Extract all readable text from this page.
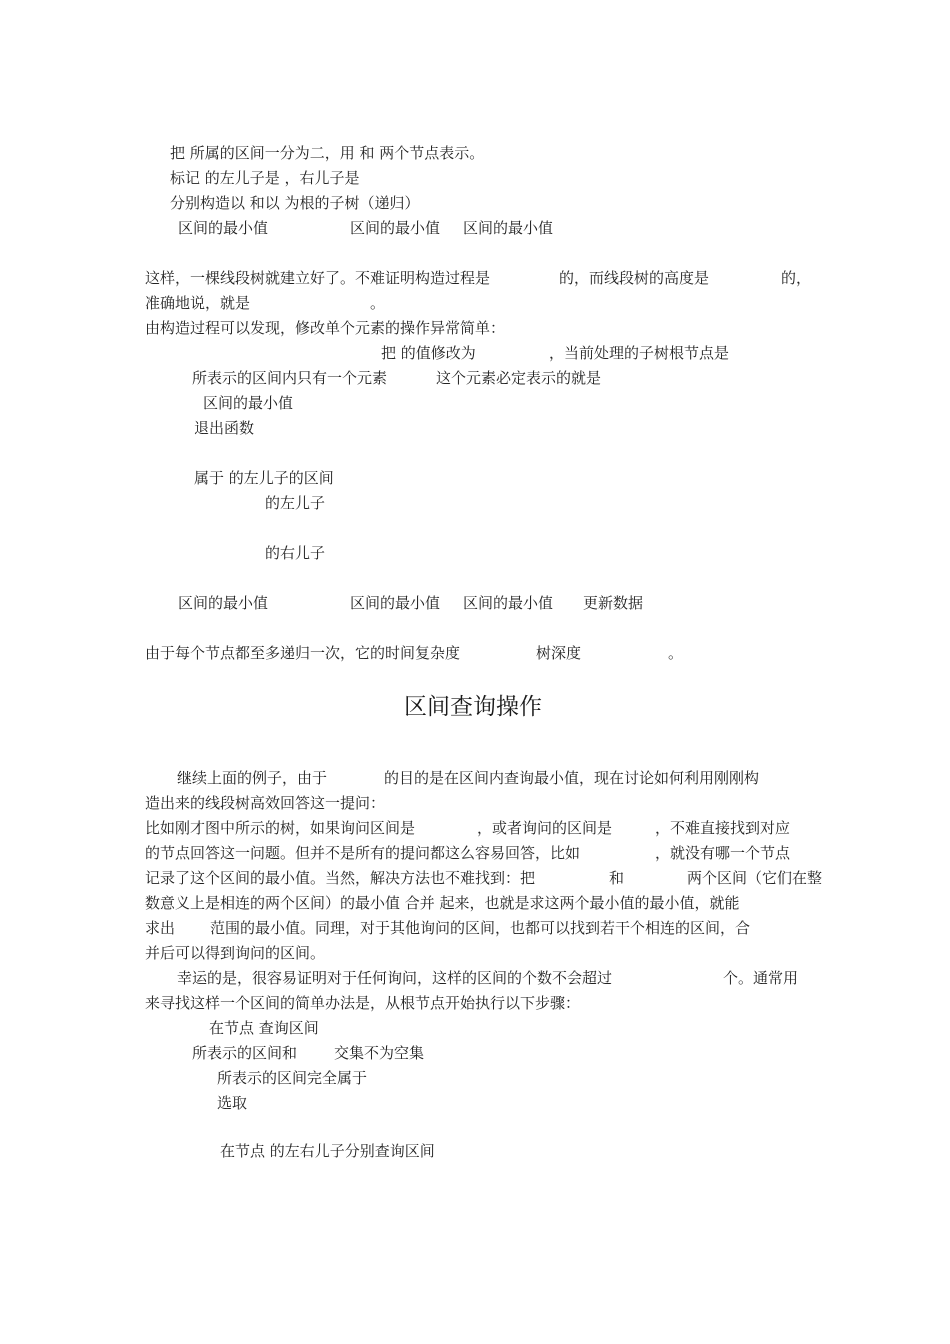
把 所属的区间一分为二，用 和 两个节点表示。
标记 的左儿子是 ，右儿子是
分别构造以 和以 为根的子树（递归）
区间的最小值	区间的最小值 区间的最小值
这样，一棵线段树就建立好了。不难证明构造过程是	的，而线段树的高度是	的，
准确地说，就是	。
由构造过程可以发现，修改单个元素的操作异常简单：
把 的值修改为	，当前处理的子树根节点是
所表示的区间内只有一个元素	这个元素必定表示的就是
区间的最小值
退出函数
属于 的左儿子的区间
的左儿子
的右儿子
区间的最小值	区间的最小值 区间的最小值 更新数据
由于每个节点都至多递归一次，它的时间复杂度	树深度	。
区间查询操作
继续上面的例子，由于	的目的是在区间内查询最小值，现在讨论如何利用刚刚构
造出来的线段树高效回答这一提问：
比如刚才图中所示的树，如果询问区间是	，或者询问的区间是	，不难直接找到对应
的节点回答这一问题。但并不是所有的提问都这么容易回答，比如	，就没有哪一个节点
记录了这个区间的最小值。当然，解决方法也不难找到：把	和	两个区间（它们在整
数意义上是相连的两个区间）的最小值 合并 起来，也就是求这两个最小值的最小值，就能
求出 范围的最小值。同理，对于其他询问的区间，也都可以找到若干个相连的区间，合
并后可以得到询问的区间。
幸运的是，很容易证明对于任何询问，这样的区间的个数不会超过	个。通常用
来寻找这样一个区间的简单办法是，从根节点开始执行以下步骤：
在节点 查询区间
所表示的区间和 交集不为空集
所表示的区间完全属于
选取
在节点 的左右儿子分别查询区间
